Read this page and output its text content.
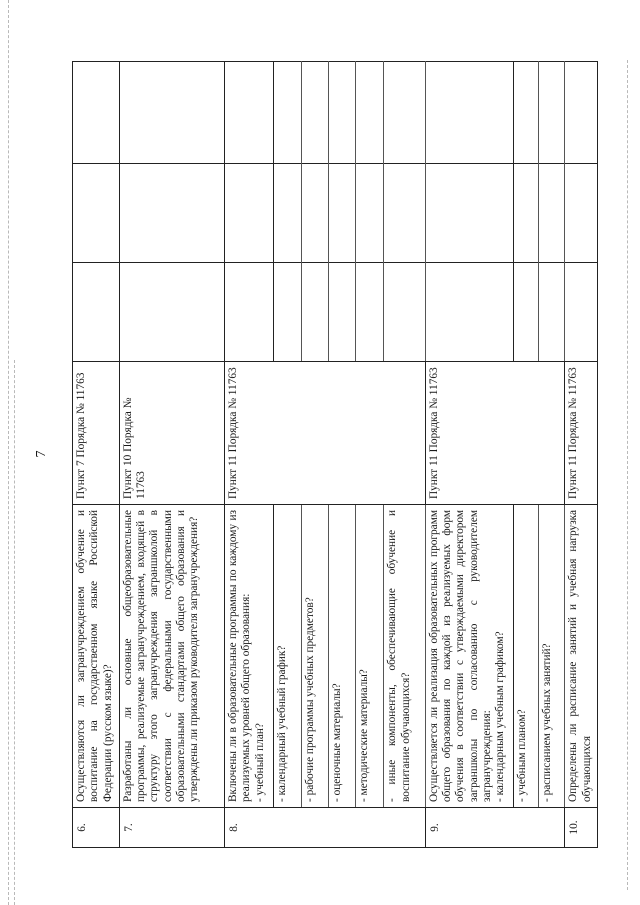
7
6.	Осуществляются ли загранучреждением обучение и воспитание на государственном языке Российской Федерации (русском языке)?	Пункт 7 Порядка № 11763			
7.	Разработаны ли основные общеобразовательные программы, реализуемые загранучреждением, входящей в структуру этого загранучреждения заграншколой в соответствии с федеральными государственными образовательными стандартами общего образования и утверждены ли приказом руководителя загранучреждения?	Пункт 10 Порядка № 11763			
8.	Включены ли в образовательные программы по каждому из реализуемых уровней общего образования: - учебный план?	Пункт 11 Порядка № 11763			
	- календарный учебный график?				
	- рабочие программы учебных предметов?				
	- оценочные материалы?				
	- методические материалы?				
	- иные компоненты, обеспечивающие обучение и воспитание обучающихся?				
9.	Осуществляется ли реализация образовательных программ общего образования по каждой из реализуемых форм обучения в соответствии с утверждаемыми директором заграншколы по согласованию с руководителем загранучреждения: - календарным учебным графиком?	Пункт 11 Порядка № 11763			
	- учебным планом?				
	- расписанием учебных занятий?				
10.	Определены ли расписание занятий и учебная нагрузка обучающихся	Пункт 11 Порядка № 11763			
